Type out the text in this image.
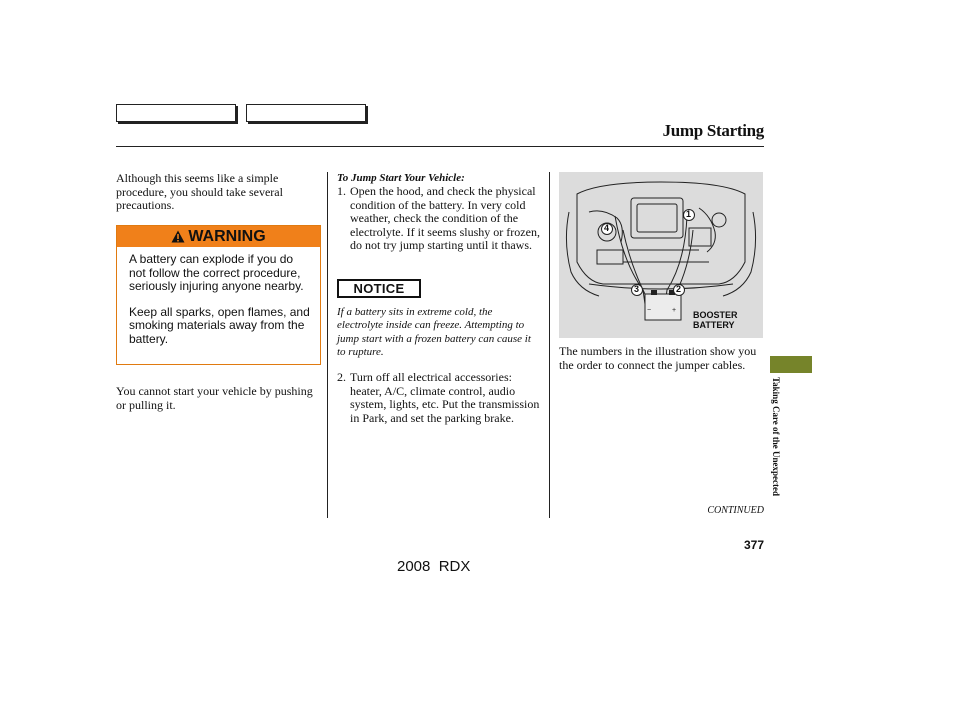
Jump Starting
Although this seems like a simple procedure, you should take several precautions.
WARNING
A battery can explode if you do not follow the correct procedure, seriously injuring anyone nearby.
Keep all sparks, open flames, and smoking materials away from the battery.
You cannot start your vehicle by pushing or pulling it.
To Jump Start Your Vehicle:
1. Open the hood, and check the physical condition of the battery. In very cold weather, check the condition of the electrolyte. If it seems slushy or frozen, do not try jump starting until it thaws.
NOTICE
If a battery sits in extreme cold, the electrolyte inside can freeze. Attempting to jump start with a frozen battery can cause it to rupture.
2. Turn off all electrical accessories: heater, A/C, climate control, audio system, lights, etc. Put the transmission in Park, and set the parking brake.
−	+
1
2
3
4
BOOSTER
BATTERY
The numbers in the illustration show you the order to connect the jumper cables.
CONTINUED
Taking Care of the Unexpected
377
2008  RDX
